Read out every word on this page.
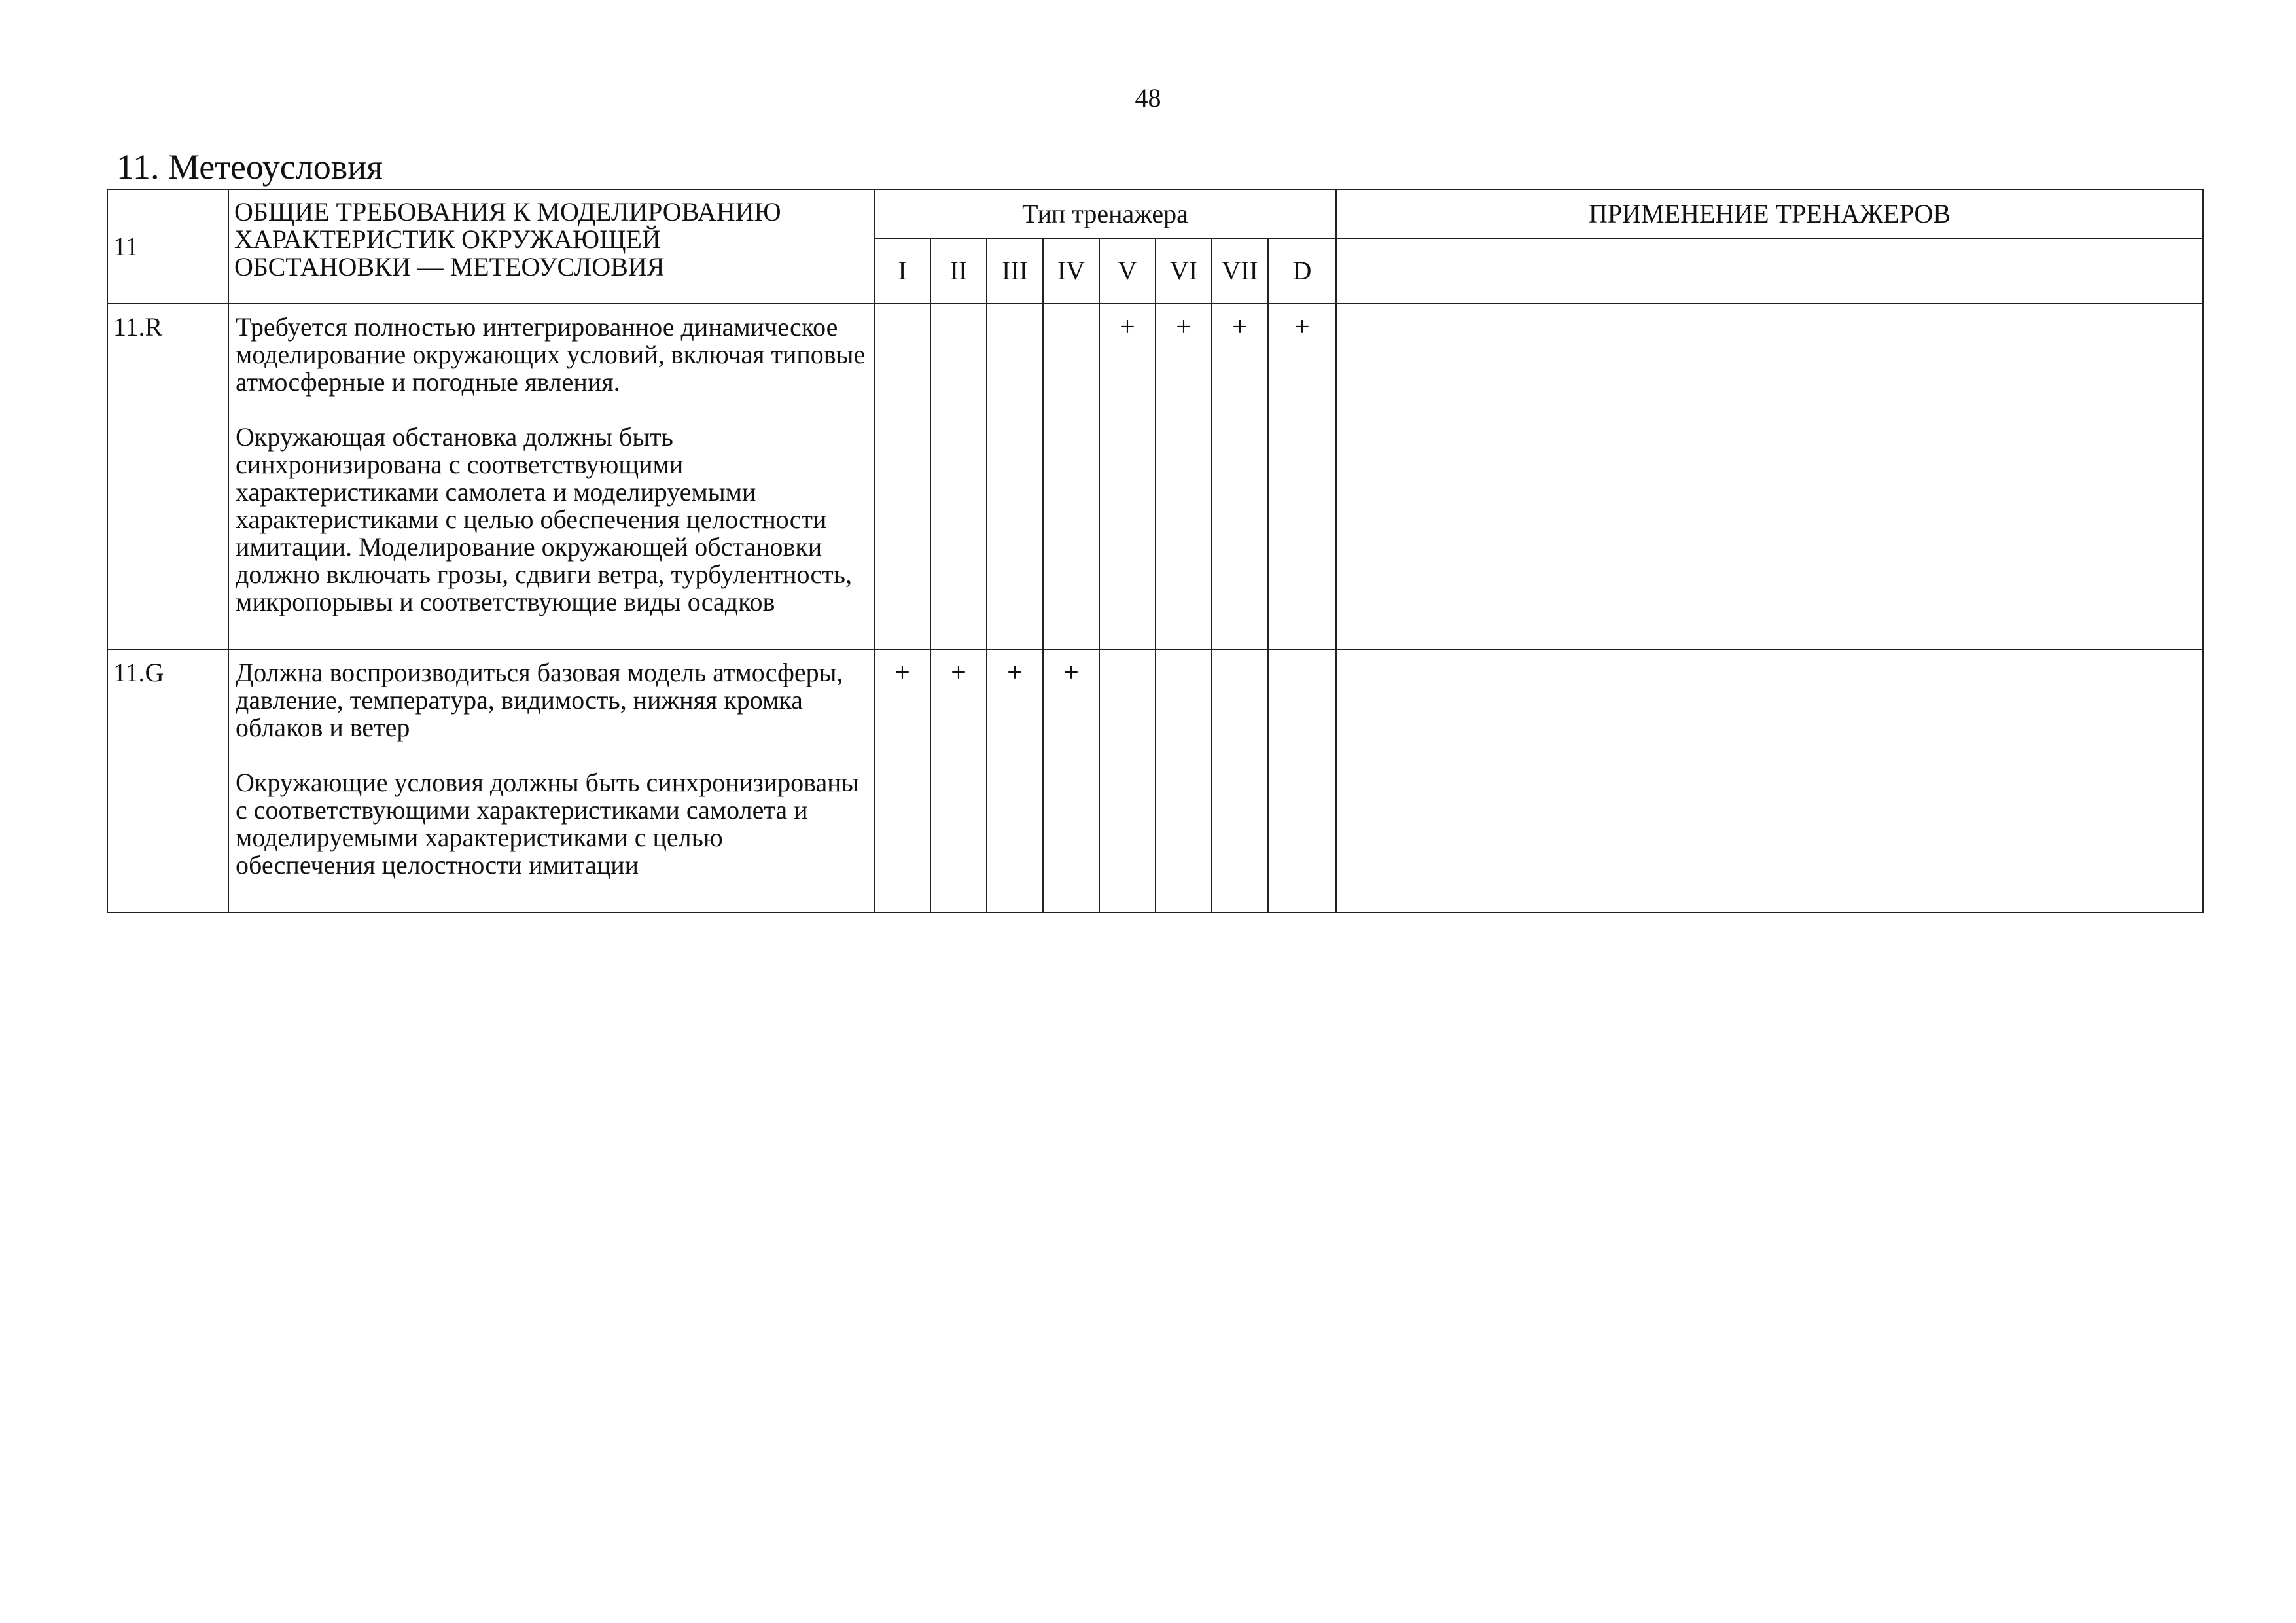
48
11. Метеоусловия
11	ОБЩИЕ ТРЕБОВАНИЯ К МОДЕЛИРОВАНИЮ
ХАРАКТЕРИСТИК ОКРУЖАЮЩЕЙ
ОБСТАНОВКИ — МЕТЕОУСЛОВИЯ	Тип тренажера								ПРИМЕНЕНИЕ ТРЕНАЖЕРОВ
		I	II	III	IV	V	VI	VII	D	
11.R	Требуется полностью интегрированное динамическое моделирование окружающих условий, включая типовые атмосферные и погодные явления.

Окружающая обстановка должны быть синхронизирована с соответствующими характеристиками самолета и моделируемыми характеристиками с целью обеспечения целостности имитации. Моделирование окружающей обстановки должно включать грозы, сдвиги ветра, турбулентность, микропорывы и соответствующие виды осадков					+	+	+	+	
11.G	Должна воспроизводиться базовая модель атмосферы, давление, температура, видимость, нижняя кромка облаков и ветер

Окружающие условия должны быть синхронизированы с соответствующими характеристиками самолета и моделируемыми характеристиками с целью обеспечения целостности имитации	+	+	+	+					
